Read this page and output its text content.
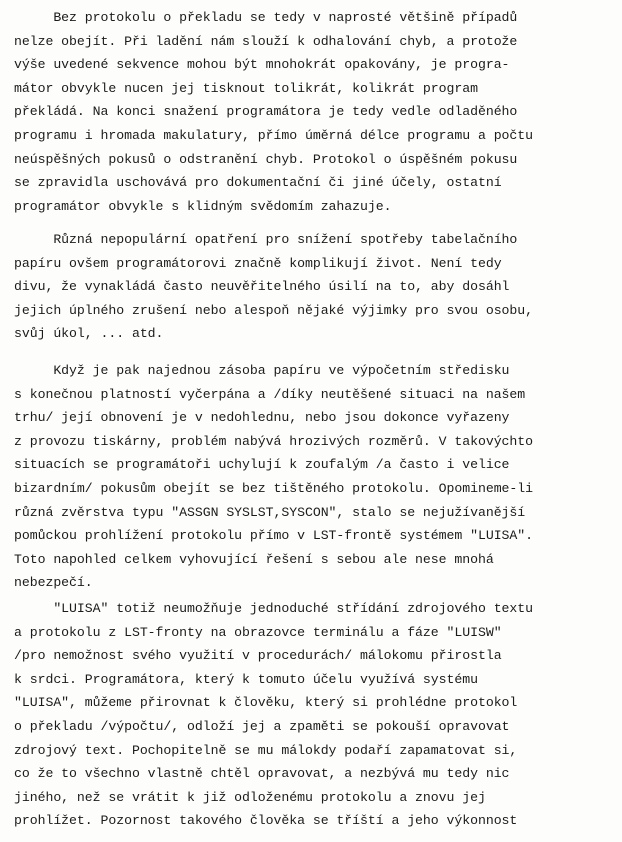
Bez protokolu o překladu se tedy v naprosté většině případů
nelze obejít. Při ladění nám slouží k odhalování chyb, a protože
výše uvedené sekvence mohou být mnohokrát opakovány, je progra-
mátor obvykle nucen jej tisknout tolikrát, kolikrát program
překládá. Na konci snažení programátora je tedy vedle odladěného
programu i hromada makulatury, přímo úměrná délce programu a počtu
neúspěšných pokusů o odstranění chyb. Protokol o úspěšném pokusu
se zpravidla uschovává pro dokumentační či jiné účely, ostatní
programátor obvykle s klidným svědomím zahazuje.
Různá nepopulární opatření pro snížení spotřeby tabelačního
papíru ovšem programátorovi značně komplikují život. Není tedy
divu, že vynakládá často neuvěřitelného úsilí na to, aby dosáhl
jejich úplného zrušení nebo alespoň nějaké výjimky pro svou osobu,
svůj úkol, ... atd.
Když je pak najednou zásoba papíru ve výpočetním středisku
s konečnou platností vyčerpána a /díky neutěšené situaci na našem
trhu/ její obnovení je v nedohlednu, nebo jsou dokonce vyřazeny
z provozu tiskárny, problém nabývá hrozivých rozměrů. V takovýchto
situacích se programátoři uchylují k zoufalým /a často i velice
bizardním/ pokusům obejít se bez tištěného protokolu. Opomineme-li
různá zvěrstva typu "ASSGN SYSLST,SYSCON", stalo se nejužívanější
pomůckou prohlížení protokolu přímo v LST-frontě systémem "LUISA".
Toto napohled celkem vyhovující řešení s sebou ale nese mnohá
nebezpečí.
"LUISA" totiž neumožňuje jednoduché střídání zdrojového textu
a protokolu z LST-fronty na obrazovce terminálu a fáze "LUISW"
/pro nemožnost svého využití v procedurách/ málokomu přirostla
k srdci. Programátora, který k tomuto účelu využívá systému
"LUISA", můžeme přirovnat k člověku, který si prohlédne protokol
o překladu /výpočtu/, odloží jej a zpaměti se pokouší opravovat
zdrojový text. Pochopitelně se mu málokdy podaří zapamatovat si,
co že to všechno vlastně chtěl opravovat, a nezbývá mu tedy nic
jiného, než se vrátit k již odloženému protokolu a znovu jej
prohlížet. Pozornost takového člověka se tříští a jeho výkonnost
